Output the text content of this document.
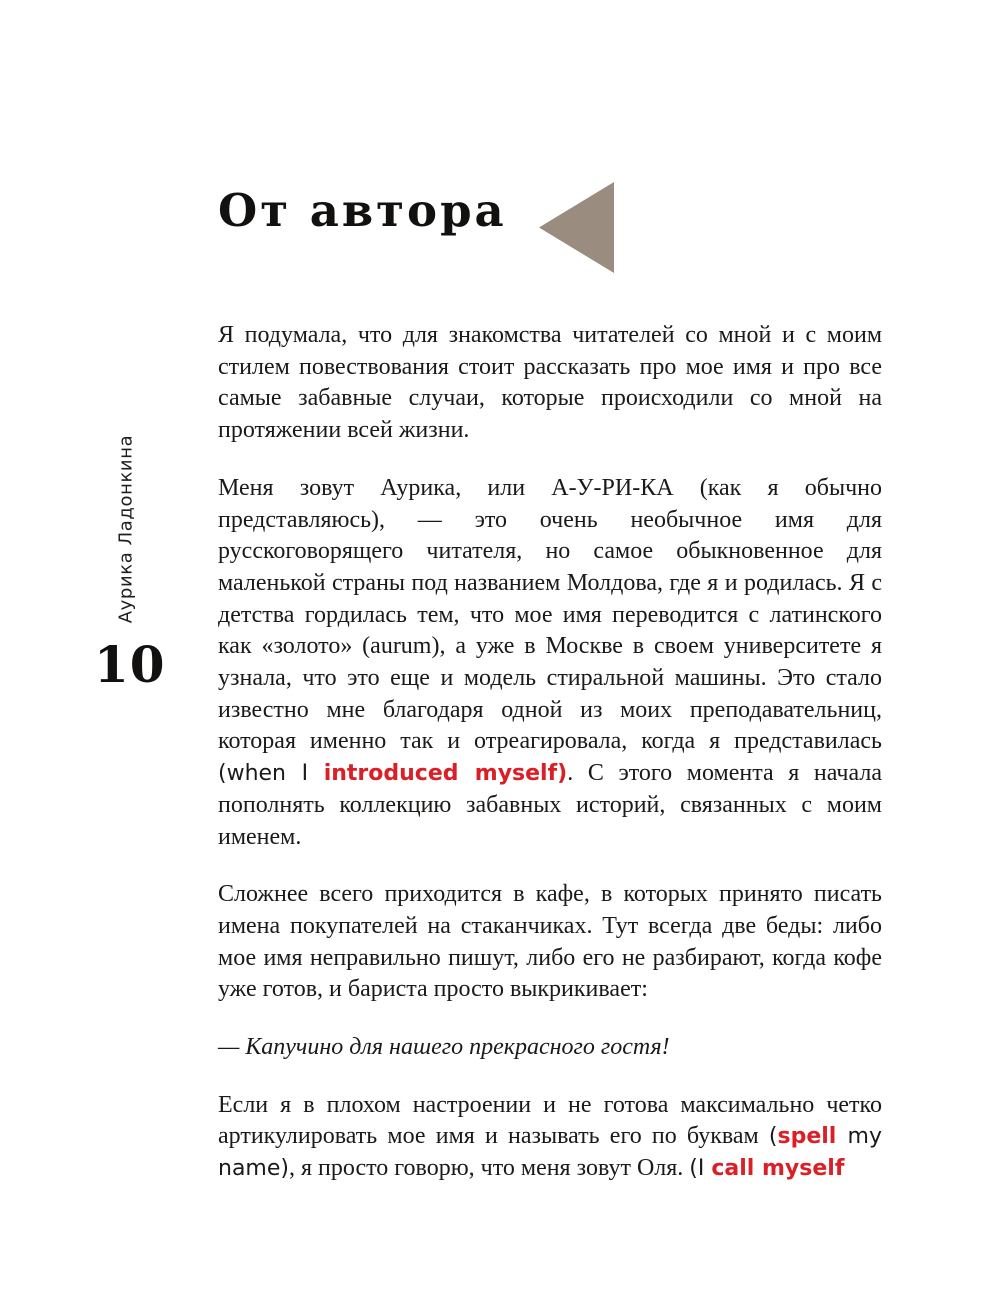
От автора
Аурика Ладонкина
10

Я подумала, что для знакомства читателей со мной и с моим стилем повествования стоит рассказать про мое имя и про все самые забавные случаи, которые происходили со мной на протяжении всей жизни.

Меня зовут Аурика, или А-У-РИ-КА (как я обычно представляюсь), — это очень необычное имя для русскоговорящего читателя, но самое обыкновенное для маленькой страны под названием Молдова, где я и родилась. Я с детства гордилась тем, что мое имя переводится с латинского как «золото» (aurum), а уже в Москве в своем университете я узнала, что это еще и модель стиральной машины. Это стало известно мне благодаря одной из моих преподавательниц, которая именно так и отреагировала, когда я представилась (when I introduced myself). С этого момента я начала пополнять коллекцию забавных историй, связанных с моим именем.

Сложнее всего приходится в кафе, в которых принято писать имена покупателей на стаканчиках. Тут всегда две беды: либо мое имя неправильно пишут, либо его не разбирают, когда кофе уже готов, и бариста просто выкрикивает:

— Капучино для нашего прекрасного гостя!

Если я в плохом настроении и не готова максимально четко артикулировать мое имя и называть его по буквам (spell my name), я просто говорю, что меня зовут Оля. (I call myself
